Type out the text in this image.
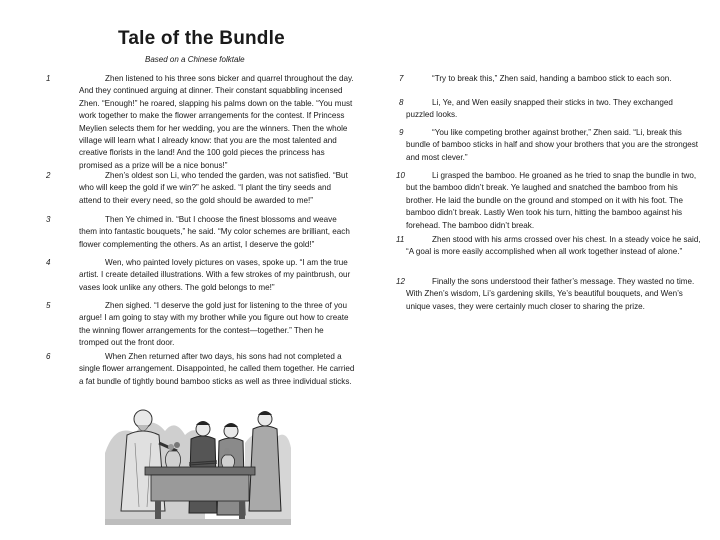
Tale of the Bundle
Based on a Chinese folktale
1	Zhen listened to his three sons bicker and quarrel throughout the day. And they continued arguing at dinner. Their constant squabbling incensed Zhen. “Enough!” he roared, slapping his palms down on the table. “You must work together to make the flower arrangements for the contest. If Princess Meylien selects them for her wedding, you are the winners. Then the whole village will learn what I already know: that you are the most talented and creative florists in the land! And the 100 gold pieces the princess has promised as a prize will be a nice bonus!”
2	Zhen’s oldest son Li, who tended the garden, was not satisfied. “But who will keep the gold if we win?” he asked. “I plant the tiny seeds and attend to their every need, so the gold should be awarded to me!”
3	Then Ye chimed in. “But I choose the finest blossoms and weave them into fantastic bouquets,” he said. “My color schemes are brilliant, each flower complementing the others. As an artist, I deserve the gold!”
4	Wen, who painted lovely pictures on vases, spoke up. “I am the true artist. I create detailed illustrations. With a few strokes of my paintbrush, our vases look unlike any others. The gold belongs to me!”
5	Zhen sighed. “I deserve the gold just for listening to the three of you argue! I am going to stay with my brother while you figure out how to create the winning flower arrangements for the contest—together.” Then he tromped out the front door.
6	When Zhen returned after two days, his sons had not completed a single flower arrangement. Disappointed, he called them together. He carried a fat bundle of tightly bound bamboo sticks as well as three individual sticks.
7	“Try to break this,” Zhen said, handing a bamboo stick to each son.
8	Li, Ye, and Wen easily snapped their sticks in two. They exchanged puzzled looks.
9	“You like competing brother against brother,” Zhen said. “Li, break this bundle of bamboo sticks in half and show your brothers that you are the strongest and most clever.”
10	Li grasped the bamboo. He groaned as he tried to snap the bundle in two, but the bamboo didn’t break. Ye laughed and snatched the bamboo from his brother. He laid the bundle on the ground and stomped on it with his foot. The bamboo didn’t break. Lastly Wen took his turn, hitting the bamboo against his forehead. The bamboo didn’t break.
11	Zhen stood with his arms crossed over his chest. In a steady voice he said, “A goal is more easily accomplished when all work together instead of alone.”
12	Finally the sons understood their father’s message. They wasted no time. With Zhen’s wisdom, Li’s gardening skills, Ye’s beautiful bouquets, and Wen’s unique vases, they were certainly much closer to sharing the prize.
